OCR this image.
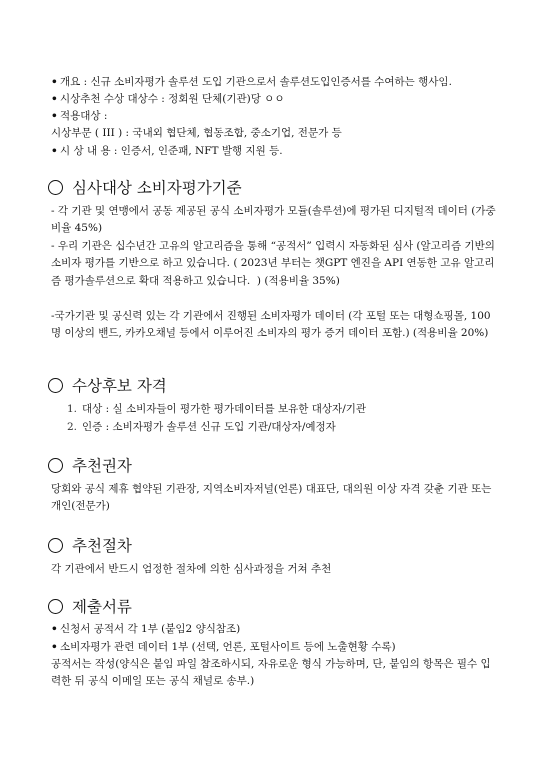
• 개요 : 신규 소비자평가 솔루션 도입 기관으로서 솔루션도입인증서를 수여하는 행사임.
• 시상추천 수상 대상수 : 정회원 단체(기관)당 ㅇㅇ
• 적용대상 :
시상부문 ( III ) : 국내외 협단체, 협동조합, 중소기업, 전문가 등
• 시 상 내 용 : 인증서, 인준패, NFT 발행 지원 등.
심사대상 소비자평가기준
- 각 기관 및 연맹에서 공동 제공된 공식 소비자평가 모듈(솔루션)에 평가된 디지털적 데이터 (가중비율 45%)
- 우리 기관은 십수년간 고유의 알고리즘을 통해 “공적서” 입력시 자동화된 심사 (알고리즘 기반의 소비자 평가를 기반으로 하고 있습니다. ( 2023년 부터는 챗GPT 엔진을 API 연동한 고유 알고리즘 평가솔루션으로 확대 적용하고 있습니다.  ) (적용비율 35%)
-국가기관 및 공신력 있는 각 기관에서 진행된 소비자평가 데이터 (각 포털 또는 대형쇼핑몰, 100명 이상의 밴드, 카카오채널 등에서 이루어진 소비자의 평가 증거 데이터 포함.) (적용비율 20%)
수상후보 자격
1. 대상 : 실 소비자들이 평가한 평가데이터를 보유한 대상자/기관
2. 인증 : 소비자평가 솔루션 신규 도입 기관/대상자/예정자
추천권자
당회와 공식 제휴 협약된 기관장, 지역소비자저널(언론) 대표단, 대의원 이상 자격 갖춘 기관 또는 개인(전문가)
추천절차
각 기관에서 반드시 엄정한 절차에 의한 심사과정을 거쳐 추천
제출서류
• 신청서 공적서 각 1부 (붙임2 양식참조)
• 소비자평가 관련 데이터 1부 (선택, 언론, 포털사이트 등에 노출현황 수록)
공적서는 작성(양식은 붙임 파일 참조하시되, 자유로운 형식 가능하며, 단, 붙임의 항목은 필수 입력한 뒤 공식 이메일 또는 공식 채널로 송부.)
